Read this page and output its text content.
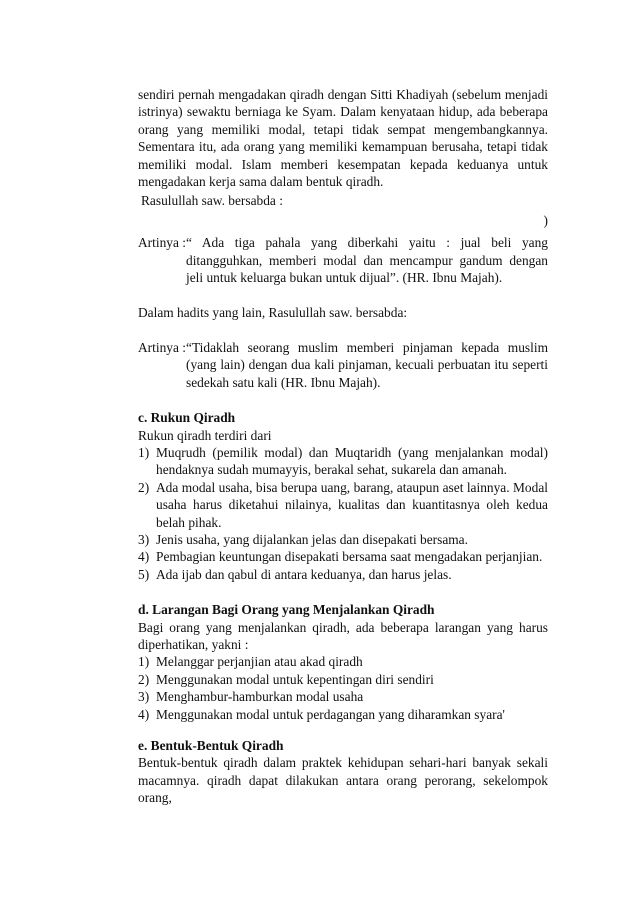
sendiri pernah mengadakan qiradh dengan Sitti Khadiyah (sebelum menjadi istrinya) sewaktu berniaga ke Syam. Dalam kenyataan hidup, ada beberapa orang yang memiliki modal, tetapi tidak sempat mengembangkannya. Sementara itu, ada orang yang memiliki kemampuan berusaha, tetapi tidak memiliki modal. Islam memberi kesempatan kepada keduanya untuk mengadakan kerja sama dalam bentuk qiradh.

Rasulullah saw. bersabda :

)

Artinya : “ Ada tiga pahala yang diberkahi yaitu : jual beli yang ditangguhkan, memberi modal dan mencampur gandum dengan jeli untuk keluarga bukan untuk dijual”. (HR. Ibnu Majah).

Dalam hadits yang lain, Rasulullah saw. bersabda:

Artinya : “Tidaklah seorang muslim memberi pinjaman kepada muslim (yang lain) dengan dua kali pinjaman, kecuali perbuatan itu seperti sedekah satu kali (HR. Ibnu Majah).
c. Rukun Qiradh
Rukun qiradh terdiri dari
1) Muqrudh (pemilik modal) dan Muqtaridh (yang menjalankan modal) hendaknya sudah mumayyis, berakal sehat, sukarela dan amanah.
2) Ada modal usaha, bisa berupa uang, barang, ataupun aset lainnya. Modal usaha harus diketahui nilainya, kualitas dan kuantitasnya oleh kedua belah pihak.
3) Jenis usaha, yang dijalankan jelas dan disepakati bersama.
4) Pembagian keuntungan disepakati bersama saat mengadakan perjanjian.
5) Ada ijab dan qabul di antara keduanya, dan harus jelas.
d. Larangan Bagi Orang yang Menjalankan Qiradh
Bagi orang yang menjalankan qiradh, ada beberapa larangan yang harus diperhatikan, yakni :
1) Melanggar perjanjian atau akad qiradh
2) Menggunakan modal untuk kepentingan diri sendiri
3) Menghambur-hamburkan modal usaha
4) Menggunakan modal untuk perdagangan yang diharamkan syara'
e. Bentuk-Bentuk Qiradh
Bentuk-bentuk qiradh dalam praktek kehidupan sehari-hari banyak sekali macamnya. qiradh dapat dilakukan antara orang perorang, sekelompok orang,
